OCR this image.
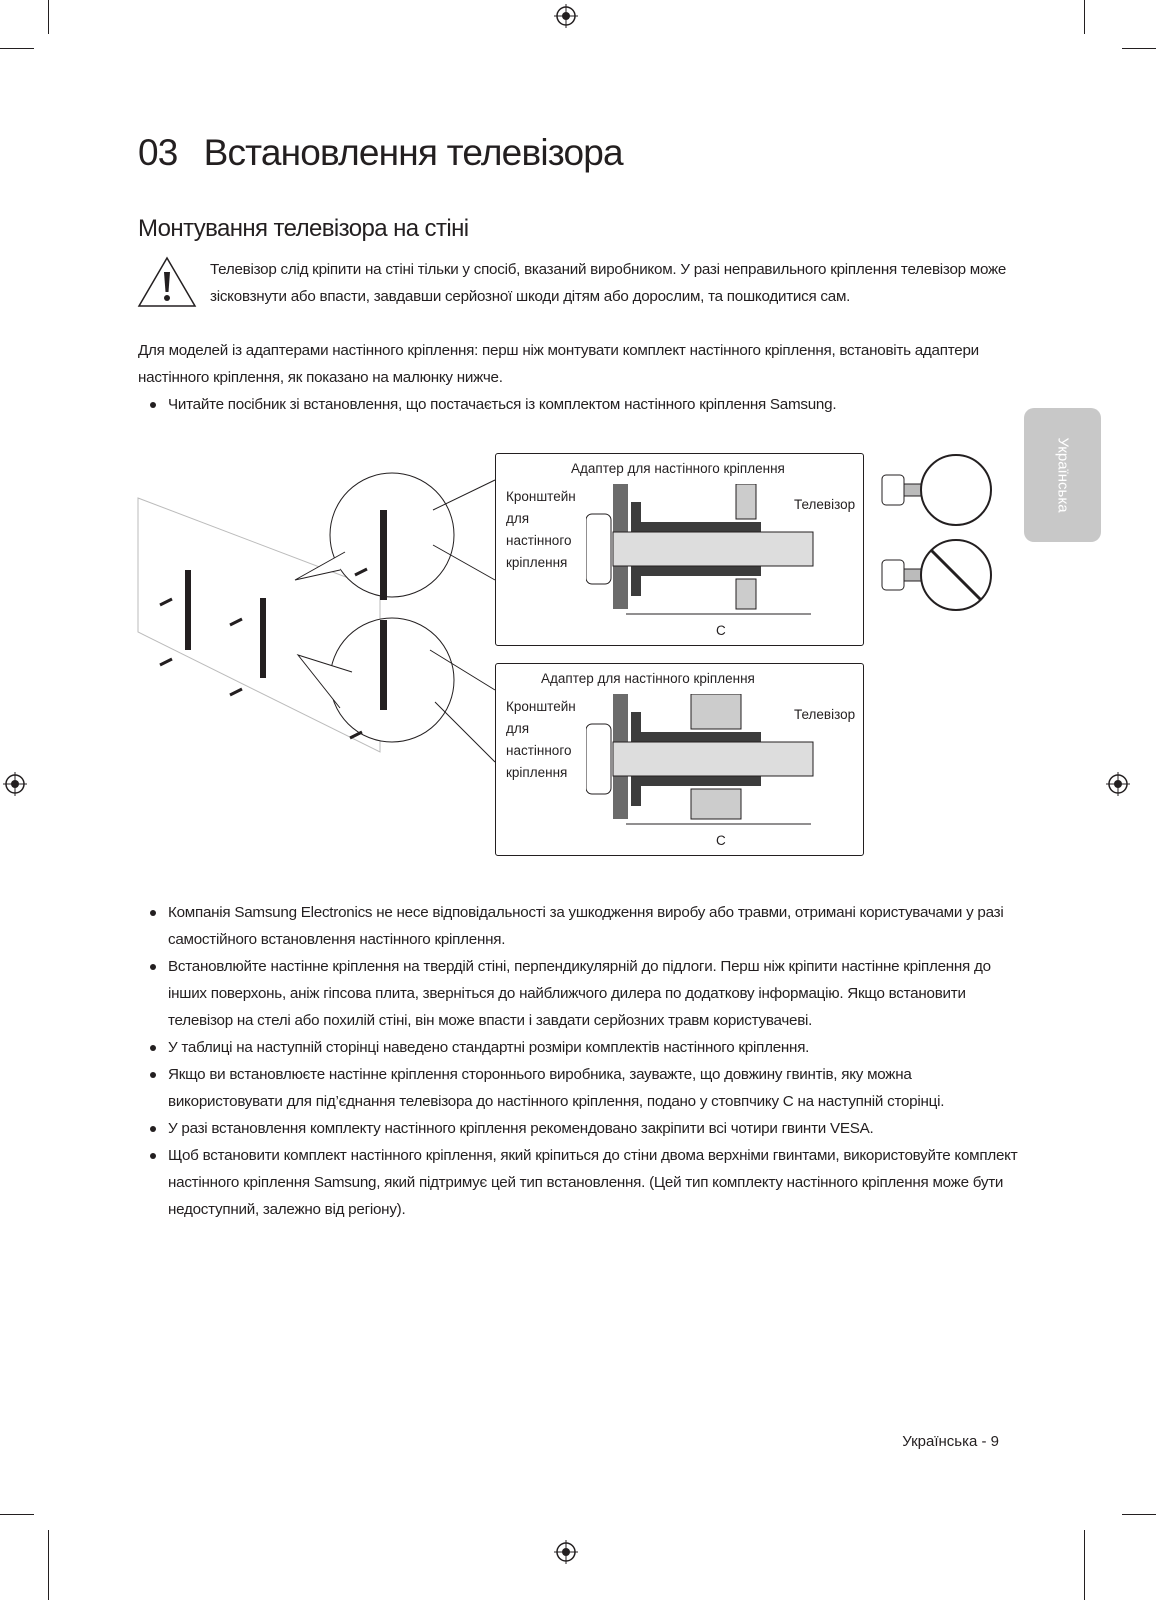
03 Встановлення телевізора
Монтування телевізора на стіні
Телевізор слід кріпити на стіні тільки у спосіб, вказаний виробником. У разі неправильного кріплення телевізор може зісковзнути або впасти, завдавши серйозної шкоди дітям або дорослим, та пошкодитися сам.
Для моделей із адаптерами настінного кріплення: перш ніж монтувати комплект настінного кріплення, встановіть адаптери настінного кріплення, як показано на малюнку нижче.
Читайте посібник зі встановлення, що постачається із комплектом настінного кріплення Samsung.
Адаптер для настінного кріплення
Кронштейн
для
настінного
кріплення
Телевізор
C
Адаптер для настінного кріплення
Кронштейн
для
настінного
кріплення
Телевізор
C
Компанія Samsung Electronics не несе відповідальності за ушкодження виробу або травми, отримані користувачами у разі самостійного встановлення настінного кріплення.
Встановлюйте настінне кріплення на твердій стіні, перпендикулярній до підлоги. Перш ніж кріпити настінне кріплення до інших поверхонь, аніж гіпсова плита, зверніться до найближчого дилера по додаткову інформацію. Якщо встановити телевізор на стелі або похилій стіні, він може впасти і завдати серйозних травм користувачеві.
У таблиці на наступній сторінці наведено стандартні розміри комплектів настінного кріплення.
Якщо ви встановлюєте настінне кріплення стороннього виробника, зауважте, що довжину гвинтів, яку можна використовувати для під’єднання телевізора до настінного кріплення, подано у стовпчику C на наступній сторінці.
У разі встановлення комплекту настінного кріплення рекомендовано закріпити всі чотири гвинти VESA.
Щоб встановити комплект настінного кріплення, який кріпиться до стіни двома верхніми гвинтами, використовуйте комплект настінного кріплення Samsung, який підтримує цей тип встановлення. (Цей тип комплекту настінного кріплення може бути недоступний, залежно від регіону).
Українська
Українська - 9
